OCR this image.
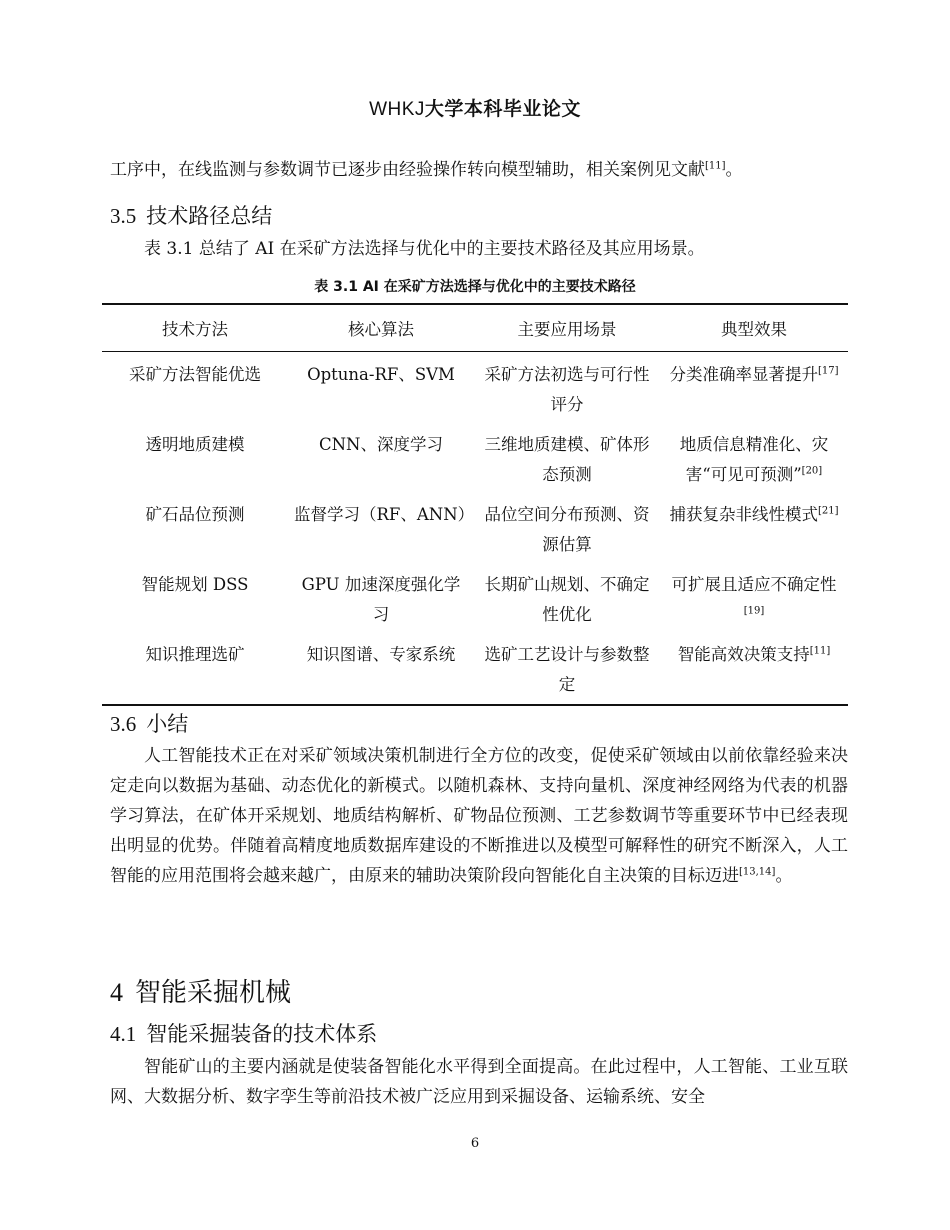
WHKJ大学本科毕业论文
工序中，在线监测与参数调节已逐步由经验操作转向模型辅助，相关案例见文献[11]。
3.5 技术路径总结
表 3.1 总结了 AI 在采矿方法选择与优化中的主要技术路径及其应用场景。
表 3.1 AI 在采矿方法选择与优化中的主要技术路径
技术方法	核心算法	主要应用场景	典型效果
采矿方法智能优选	Optuna-RF、SVM	采矿方法初选与可行性评分	分类准确率显著提升[17]
透明地质建模	CNN、深度学习	三维地质建模、矿体形态预测	地质信息精准化、灾害“可见可预测”[20]
矿石品位预测	监督学习（RF、ANN）	品位空间分布预测、资源估算	捕获复杂非线性模式[21]
智能规划 DSS	GPU 加速深度强化学习	长期矿山规划、不确定性优化	可扩展且适应不确定性[19]
知识推理选矿	知识图谱、专家系统	选矿工艺设计与参数整定	智能高效决策支持[11]
3.6 小结
人工智能技术正在对采矿领域决策机制进行全方位的改变，促使采矿领域由以前依靠经验来决定走向以数据为基础、动态优化的新模式。以随机森林、支持向量机、深度神经网络为代表的机器学习算法，在矿体开采规划、地质结构解析、矿物品位预测、工艺参数调节等重要环节中已经表现出明显的优势。伴随着高精度地质数据库建设的不断推进以及模型可解释性的研究不断深入，人工智能的应用范围将会越来越广，由原来的辅助决策阶段向智能化自主决策的目标迈进[13,14]。
4 智能采掘机械
4.1 智能采掘装备的技术体系
智能矿山的主要内涵就是使装备智能化水平得到全面提高。在此过程中，人工智能、工业互联网、大数据分析、数字孪生等前沿技术被广泛应用到采掘设备、运输系统、安全
6
